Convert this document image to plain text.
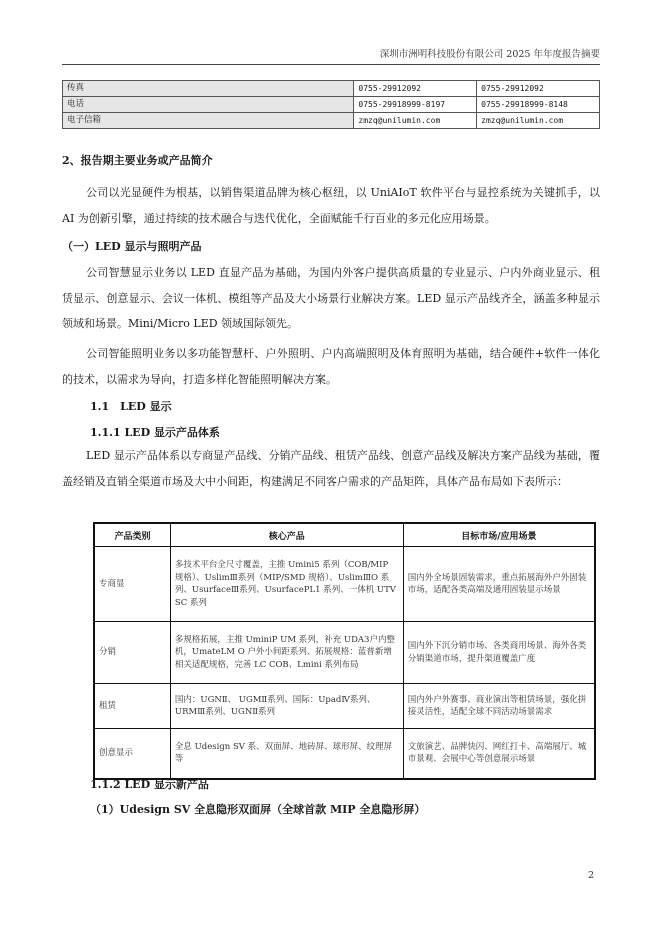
深圳市洲明科技股份有限公司 2025 年年度报告摘要
传真	0755-29912092	0755-29912092
电话	0755-29918999-8197	0755-29918999-8148
电子信箱	zmzq@unilumin.com	zmzq@unilumin.com
2、报告期主要业务或产品简介
公司以光显硬件为根基，以销售渠道品牌为核心枢纽，以 UniAIoT 软件平台与显控系统为关键抓手，以 AI 为创新引擎，通过持续的技术融合与迭代优化，全面赋能千行百业的多元化应用场景。
（一）LED 显示与照明产品
公司智慧显示业务以 LED 直显产品为基础，为国内外客户提供高质量的专业显示、户内外商业显示、租赁显示、创意显示、会议一体机、模组等产品及大小场景行业解决方案。LED 显示产品线齐全，涵盖多种显示领域和场景。Mini/Micro LED 领域国际领先。
公司智能照明业务以多功能智慧杆、户外照明、户内高端照明及体育照明为基础，结合硬件+软件一体化的技术，以需求为导向，打造多样化智能照明解决方案。
1.1　LED 显示
1.1.1 LED 显示产品体系
LED 显示产品体系以专商显产品线、分销产品线、租赁产品线、创意产品线及解决方案产品线为基础，覆盖经销及直销全渠道市场及大中小间距，构建满足不同客户需求的产品矩阵，具体产品布局如下表所示：
产品类别	核心产品	目标市场/应用场景
专商显	多技术平台全尺寸覆盖，主推 Umini5 系列（COB/MIP 规格）、UslimⅢ系列（MIP/SMD 规格）、UslimⅢO 系列、UsurfaceⅢ系列、UsurfacePL1 系列、一体机 UTV SC 系列	国内外全场景固装需求，重点拓展海外户外固装市场，适配各类高端及通用固装显示场景
分销	多规格拓展，主推 UminiP UM 系列，补充 UDA3户内整机，UmateLM O 户外小间距系列、拓展规格：蓝普新增相关适配规格，完善 LC COB、Lmini 系列布局	国内外下沉分销市场、各类商用场景、海外各类分销渠道市场，提升渠道覆盖广度
租赁	国内：UGNⅡ、 UGMⅡ系列、国际：UpadⅣ系列、URMⅢ系列、UGNⅡ系列	国内外户外赛事、商业演出等租赁场景，强化拼接灵活性，适配全球不同活动场景需求
创意显示	全息 Udesign SV 系、双面屏、地砖屏、球形屏、纹理屏等	文旅演艺、品牌快闪、网红打卡、高端展厅、城市景观、会展中心等创意展示场景
1.1.2 LED 显示新产品
（1）Udesign SV 全息隐形双面屏（全球首款 MIP 全息隐形屏）
2
